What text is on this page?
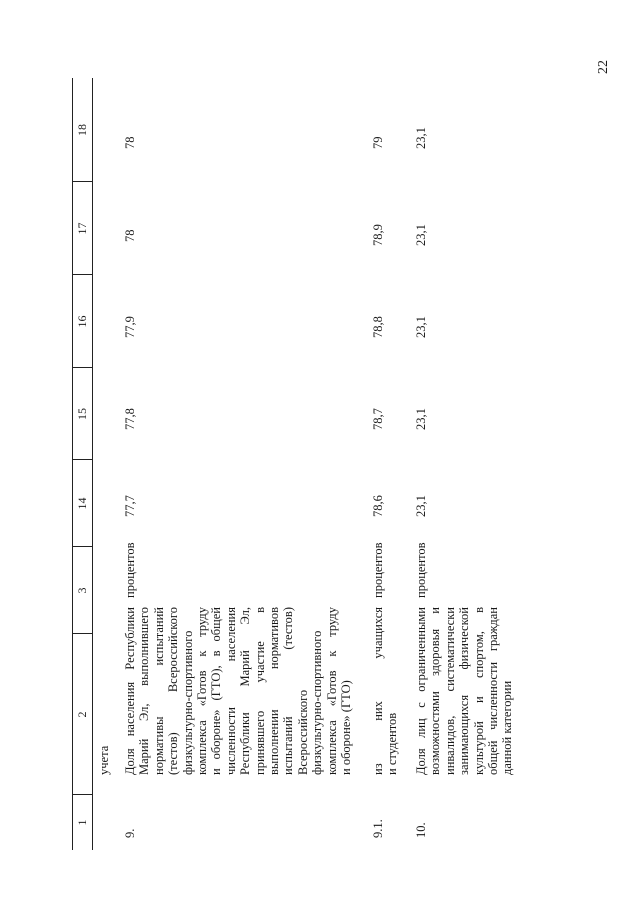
22
1
2
3
14
15
16
17
18
учета
9.
Доля населения Республики Марий Эл, выполнившего нормативы испытаний (тестов) Всероссийского физкультурно-спортивного комплекса «Готов к труду и обороне» (ГТО), в общей численности населения Республики Марий Эл, принявшего участие в выполнении нормативов испытаний (тестов) Всероссийского физкультурно-спортивного комплекса «Готов к труду и обороне» (ГТО)
процентов
77,7
77,8
77,9
78
78
9.1.
из них учащихся и студентов
процентов
78,6
78,7
78,8
78,9
79
10.
Доля лиц с ограниченными возможностями здоровья и инвалидов, систематически занимающихся физической культурой и спортом, в общей численности граждан данной категории
процентов
23,1
23,1
23,1
23,1
23,1
